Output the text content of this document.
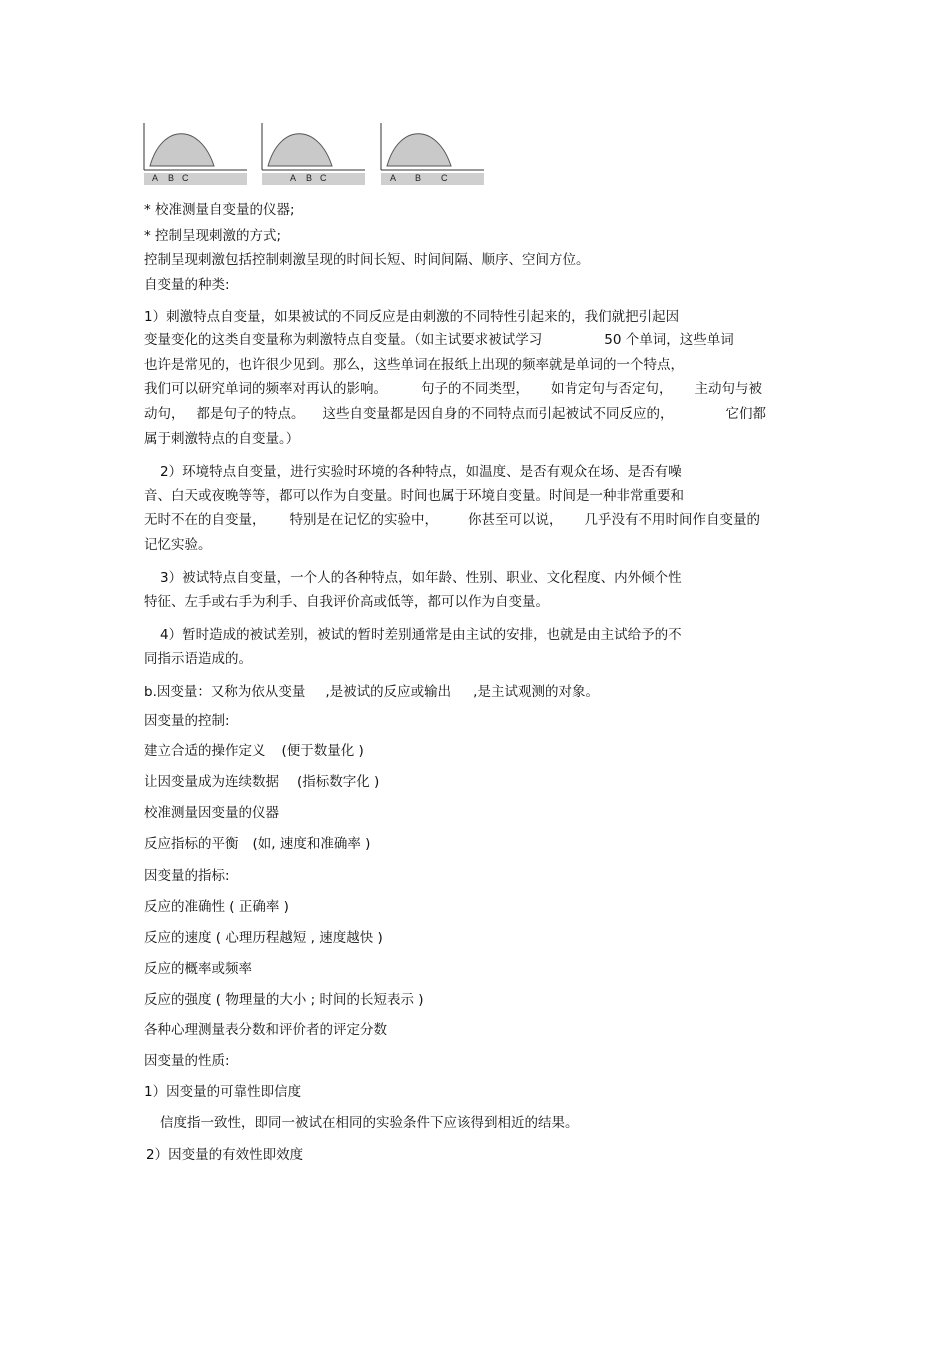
A B C	A B C	A B C
* 校准测量自变量的仪器;
* 控制呈现刺激的方式;
控制呈现刺激包括控制刺激呈现的时间长短、时间间隔、顺序、空间方位。
自变量的种类:
1）刺激特点自变量，如果被试的不同反应是由刺激的不同特性引起来的，我们就把引起因
变量变化的这类自变量称为刺激特点自变量。（如主试要求被试学习	50 个单词，这些单词
也许是常见的，也许很少见到。那么，这些单词在报纸上出现的频率就是单词的一个特点，
我们可以研究单词的频率对再认的影响。	句子的不同类型， 如肯定句与否定句， 主动句与被
动句， 都是句子的特点。 这些自变量都是因自身的不同特点而引起被试不同反应的，	它们都
属于刺激特点的自变量。）
2）环境特点自变量，进行实验时环境的各种特点，如温度、是否有观众在场、是否有噪
音、白天或夜晚等等，都可以作为自变量。时间也属于环境自变量。时间是一种非常重要和
无时不在的自变量， 特别是在记忆的实验中， 你甚至可以说， 几乎没有不用时间作自变量的
记忆实验。
3）被试特点自变量，一个人的各种特点，如年龄、性别、职业、文化程度、内外倾个性
特征、左手或右手为利手、自我评价高或低等，都可以作为自变量。
4）暂时造成的被试差别，被试的暂时差别通常是由主试的安排，也就是由主试给予的不
同指示语造成的。
b.因变量：又称为依从变量 ,是被试的反应或输出 ,是主试观测的对象。
因变量的控制:
建立合适的操作定义 (便于数量化 )
让因变量成为连续数据 (指标数字化 )
校准测量因变量的仪器
反应指标的平衡 (如, 速度和准确率 )
因变量的指标:
反应的准确性 ( 正确率 )
反应的速度 ( 心理历程越短 , 速度越快 )
反应的概率或频率
反应的强度 ( 物理量的大小 ; 时间的长短表示 )
各种心理测量表分数和评价者的评定分数
因变量的性质:
1）因变量的可靠性即信度
信度指一致性，即同一被试在相同的实验条件下应该得到相近的结果。
2）因变量的有效性即效度
